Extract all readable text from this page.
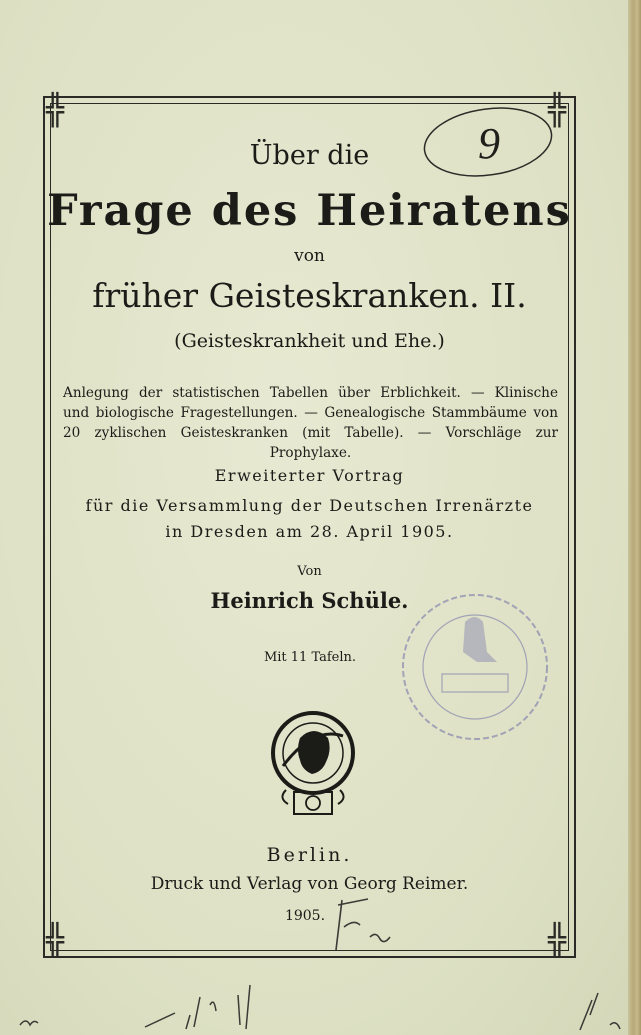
╬	╬
╬	╬
9
Über die
Frage des Heiratens
von
früher Geisteskranken. II.
(Geisteskrankheit und Ehe.)
Anlegung der statistischen Tabellen über Erblichkeit. — Klinische
und biologische Fragestellungen. — Genealogische Stammbäume von
20 zyklischen Geisteskranken (mit Tabelle). — Vorschläge zur Prophylaxe.
Erweiterter Vortrag
für die Versammlung der Deutschen Irrenärzte
in Dresden am 28. April 1905.
Von
Heinrich Schüle.
Mit 11 Tafeln.
Berlin.
Druck und Verlag von Georg Reimer.
1905.
